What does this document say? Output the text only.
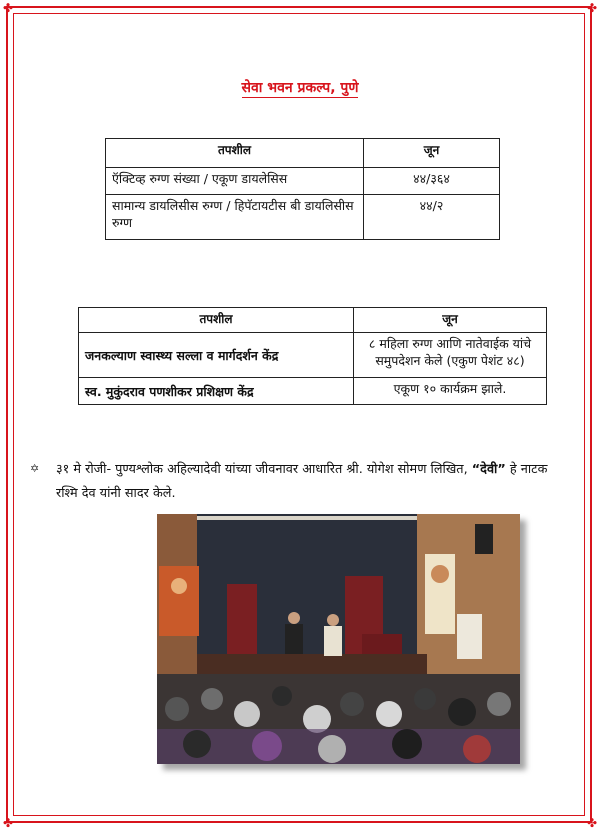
✤	✤
✤	✤
सेवा भवन प्रकल्प, पुणे
तपशील	जून
ऍक्टिव्ह रुग्ण संख्या / एकूण डायलेसिस	४४/३६४
सामान्य डायलिसीस रुग्ण / हिपॅटायटीस बी डायलिसीस रुग्ण	४४/२
तपशील	जून
जनकल्याण स्वास्थ्य सल्ला व मार्गदर्शन केंद्र	८ महिला रुग्ण आणि नातेवाईक यांचे समुपदेशन केले (एकुण पेशंट ४८)
स्व. मुकुंदराव पणशीकर प्रशिक्षण केंद्र	एकूण १० कार्यक्रम झाले.
✡ ३१ मे रोजी- पुण्यश्लोक अहिल्यादेवी यांच्या जीवनावर आधारित श्री. योगेश सोमण लिखित, “देवी” हे नाटक रश्मि देव यांनी सादर केले.
